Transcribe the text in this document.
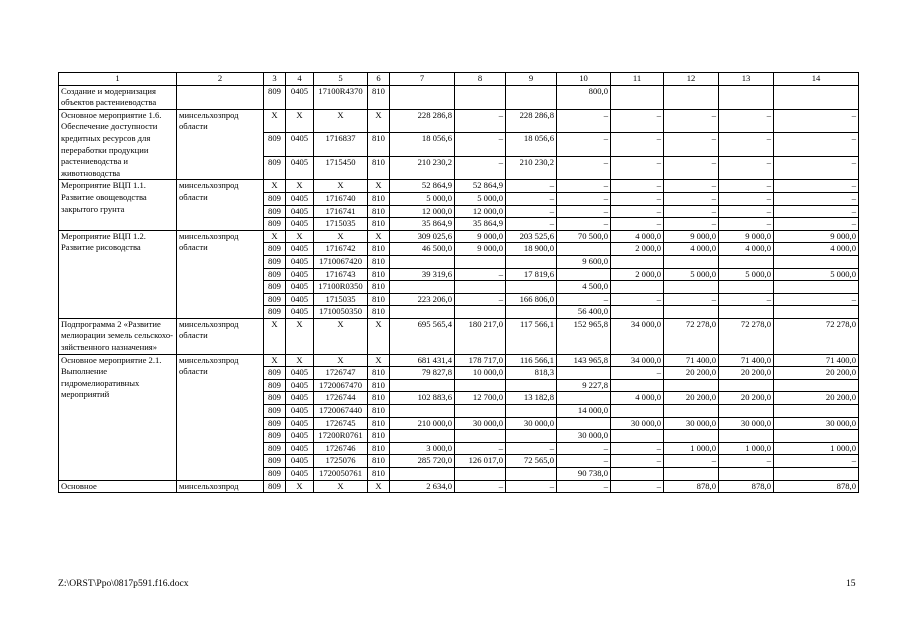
1	2	3	4	5	6	7	8	9	10	11	12	13	14
Создание и модернизация объектов растениеводства		809	0405	17100R4370	810				800,0				
Основное мероприятие 1.6. Обеспечение доступности кредитных ресурсов для переработки продукции растениеводства и животноводства	минсельхозпрод области	X	X	X	X	228 286,8	–	228 286,8	–	–	–	–	–
		809	0405	1716837	810	18 056,6	–	18 056,6	–	–	–	–	–
		809	0405	1715450	810	210 230,2	–	210 230,2	–	–	–	–	–
Мероприятие ВЦП 1.1. Развитие овощеводства закрытого грунта	минсельхозпрод области	X	X	X	X	52 864,9	52 864,9	–	–	–	–	–	–
		809	0405	1716740	810	5 000,0	5 000,0	–	–	–	–	–	–
		809	0405	1716741	810	12 000,0	12 000,0	–	–	–	–	–	–
		809	0405	1715035	810	35 864,9	35 864,9	–	–	–	–	–	–
Мероприятие ВЦП 1.2. Развитие рисоводства	минсельхозпрод области	X	X	X	X	309 025,6	9 000,0	203 525,6	70 500,0	4 000,0	9 000,0	9 000,0	9 000,0
		809	0405	1716742	810	46 500,0	9 000,0	18 900,0		2 000,0	4 000,0	4 000,0	4 000,0
		809	0405	1710067420	810				9 600,0				
		809	0405	1716743	810	39 319,6	–	17 819,6		2 000,0	5 000,0	5 000,0	5 000,0
		809	0405	17100R0350	810				4 500,0				
		809	0405	1715035	810	223 206,0	–	166 806,0	–	–	–	–	–
		809	0405	1710050350	810				56 400,0				
Подпрограмма 2 «Развитие мелиорации земель сельскохо-зяйственного назначения»	минсельхозпрод области	X	X	X	X	695 565,4	180 217,0	117 566,1	152 965,8	34 000,0	72 278,0	72 278,0	72 278,0
Основное мероприятие 2.1. Выполнение гидромелиоративных мероприятий	минсельхозпрод области	X	X	X	X	681 431,4	178 717,0	116 566,1	143 965,8	34 000,0	71 400,0	71 400,0	71 400,0
		809	0405	1726747	810	79 827,8	10 000,0	818,3		–	20 200,0	20 200,0	20 200,0
		809	0405	1720067470	810				9 227,8				
		809	0405	1726744	810	102 883,6	12 700,0	13 182,8		4 000,0	20 200,0	20 200,0	20 200,0
		809	0405	1720067440	810				14 000,0				
		809	0405	1726745	810	210 000,0	30 000,0	30 000,0		30 000,0	30 000,0	30 000,0	30 000,0
		809	0405	17200R0761	810				30 000,0				
		809	0405	1726746	810	3 000,0	–	–	–	–	1 000,0	1 000,0	1 000,0
		809	0405	1725076	810	285 720,0	126 017,0	72 565,0	–	–	–	–	–
		809	0405	1720050761	810				90 738,0				
Основное	минсельхозпрод	809	X	X	X	2 634,0	–	–	–	–	878,0	878,0	878,0
Z:\ORST\Ppo\0817p591.f16.docx	15
